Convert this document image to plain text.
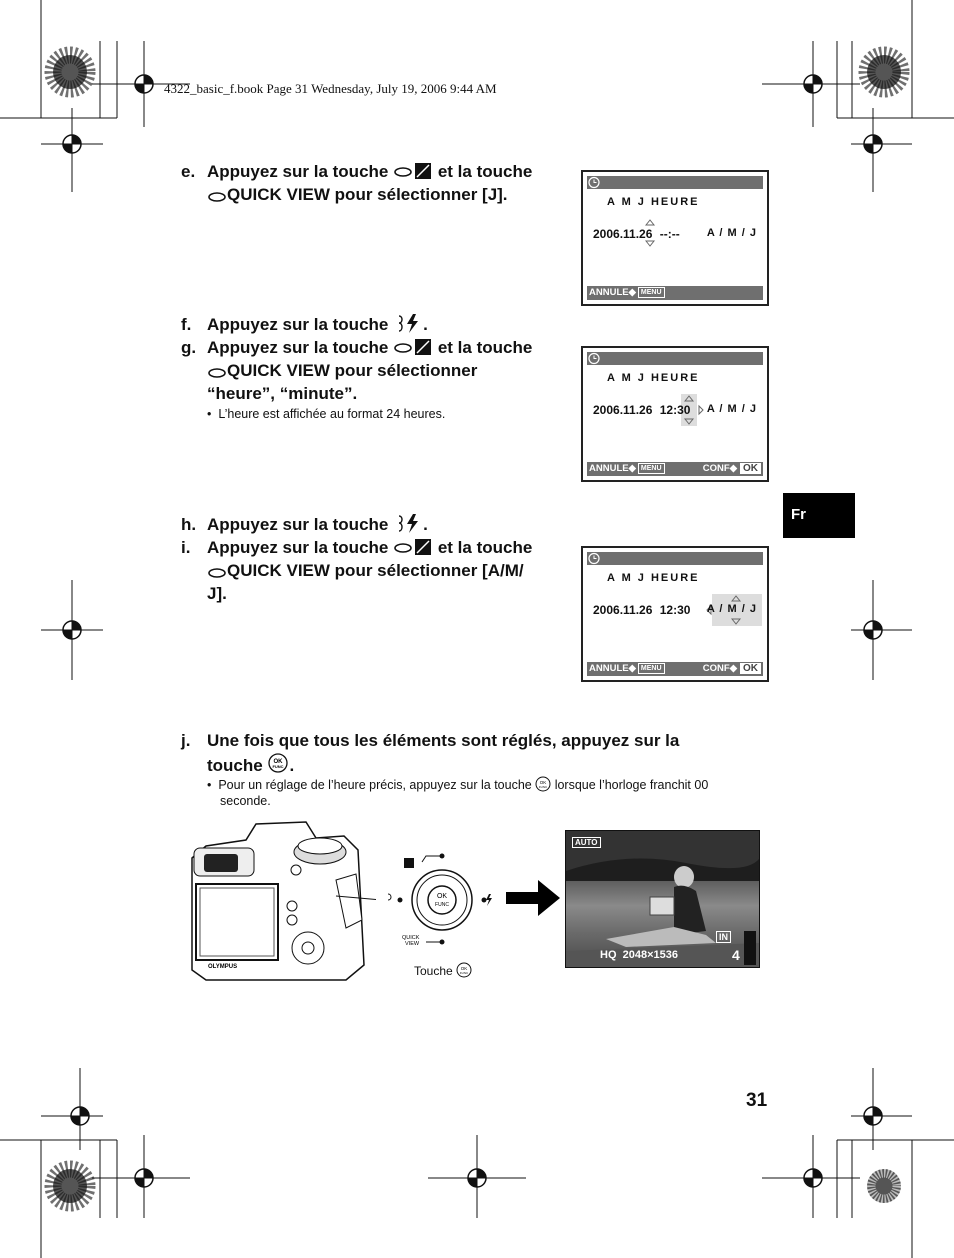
4322_basic_f.book Page 31 Wednesday, July 19, 2006 9:44 AM
e. Appuyez sur la touche	et la touche
QUICK VIEW pour sélectionner [J].	A M J HEURE
2006.11.26 --:-- A / M / J
ANNULE◆ MENU
f. Appuyez sur la touche .
g. Appuyez sur la touche	et la touche
QUICK VIEW pour sélectionner
“heure”, “minute”.
•  L’heure est affichée au format 24 heures.
A M J HEURE
2006.11.26 12:30 A / M / J
ANNULE◆ MENU	CONF◆ OK
Fr
h. Appuyez sur la touche .
i. Appuyez sur la touche	et la touche
QUICK VIEW pour sélectionner [A/M/
J].
A M J HEURE
2006.11.26 12:30 A / M / J
ANNULE◆ MENU	CONF◆ OK
j. Une fois que tous les éléments sont réglés, appuyez sur la
touche OK
FUNC .
•  Pour un réglage de l’heure précis, appuyez sur la touche OK
FUNC lorsque l’horloge franchit 00
seconde.
OLYMPUS
OK
FUNC
QUICK
VIEW
Touche OK
FUNC
AUTO
IN
4
HQ 2048×1536
31
